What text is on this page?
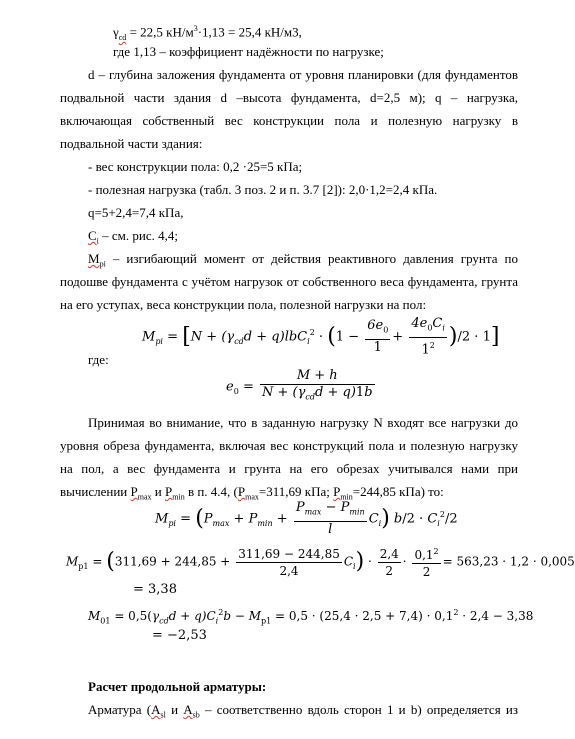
$\gamma_{cd} = 22,5$ $кН/м^3\cdot 1,13 = 25,4$ кН/м3,
где 1,13 – коэффициент надёжности по нагрузке;
d – глубина заложения фундамента от уровня планировки (для фундаментов
подвальной части здания d –высота фундамента, d=2,5 м); q – нагрузка,
включающая собственный вес конструкции пола и полезную нагрузку в
подвальной части здания:
- вес конструкции пола: 0,2 ·25=5 кПа;
- полезная нагрузка (табл. 3 поз. 2 и п. 3.7 [2]): 2,0·1,2=2,4 кПа.
q=5+2,4=7,4 кПа,
$C_i$ – см. рис. 4,4;
$M_{pi}$ – изгибающий момент от действия реактивного давления грунта по
подошве фундамента с учётом нагрузок от собственного веса фундамента, грунта
на его уступах, веса конструкции пола, полезной нагрузки на пол:
$M_{pi} = [N + (\gamma_{cd}d + q)lbC_i^2 \cdot (1 - \frac{6e_0}{1} + \frac{4e_0C_i}{1^2} )/2 \cdot 1]$
где:
$e_0 = \frac{M + h}{N + (\gamma_{cd}d + q)1b}$
Принимая во внимание, что в заданную нагрузку N входят все нагрузки до
уровня обреза фундамента, включая вес конструкций пола и полезную нагрузку
на пол, а вес фундамента и грунта на его обрезах учитывался нами при
вычислении $P_{max}$ и $P_{min}$ в п. 4.4, ($P_{max}=311,69$ кПа; $P_{min}=244,85$ кПа) то:
$M_{pi} = (P_{max} + P_{min} + \frac{P_{max} - P_{min}}{l} C_i) b/2 \cdot C_i^2/2$
$M_{p1} = (311,69 + 244,85 + \frac{311,69 - 244,85}{2,4} C_i) \cdot \frac{2,4}{2} \cdot \frac{0,1^2}{2} = 563,23 \cdot 1,2 \cdot 0,005$
= 3,38
$M_{01} = 0,5(\gamma_{cd}d + q)C_i^2b - M_{p1} = 0,5 \cdot (25,4 \cdot 2,5 + 7,4) \cdot 0,1^2 \cdot 2,4 - 3,38$
= −2,53
Расчет продольной арматуры:
Арматура ($A_{sl}$ и $A_{sb}$ – соответственно вдоль сторон 1 и b) определяется из
